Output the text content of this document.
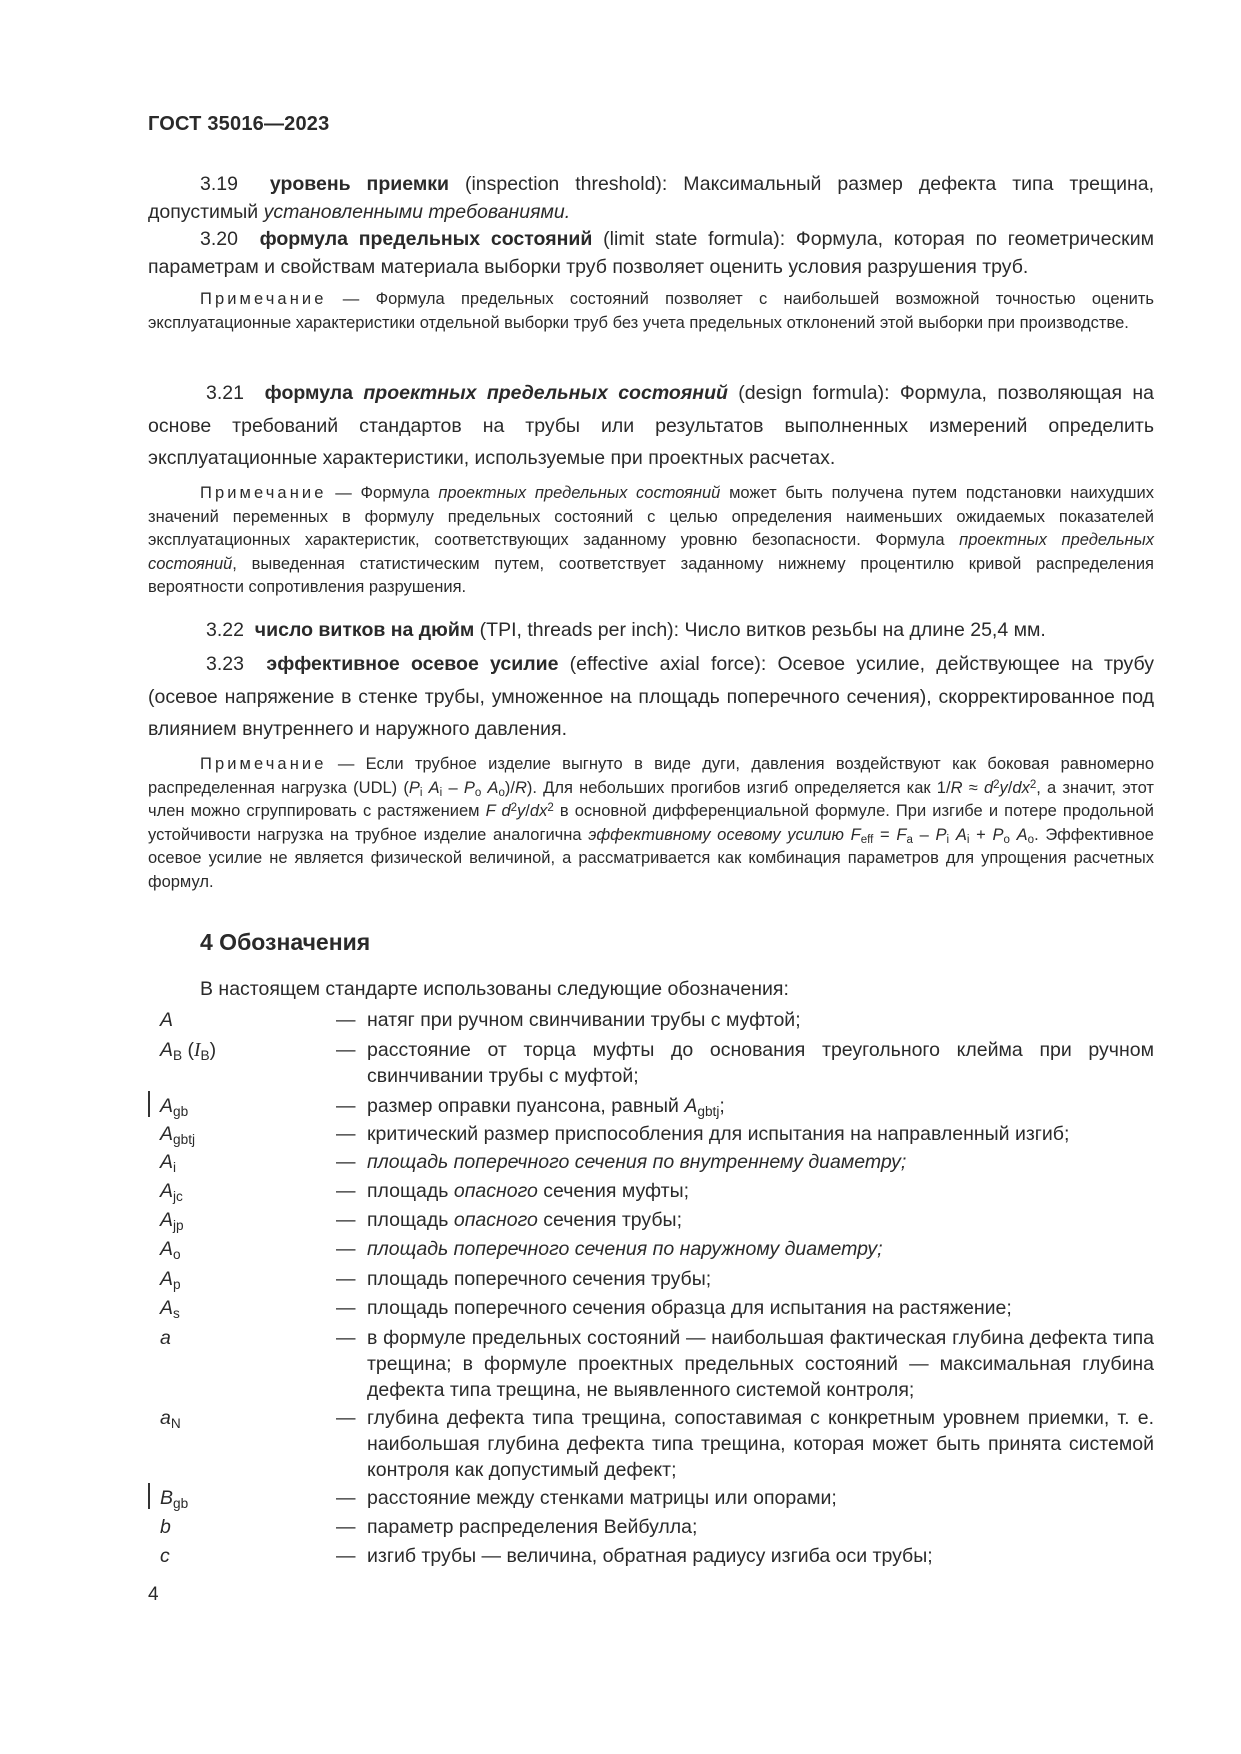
ГОСТ 35016—2023
3.19 уровень приемки (inspection threshold): Максимальный размер дефекта типа трещина, допустимый установленными требованиями.
3.20 формула предельных состояний (limit state formula): Формула, которая по геометрическим параметрам и свойствам материала выборки труб позволяет оценить условия разрушения труб.
Примечание — Формула предельных состояний позволяет с наибольшей возможной точностью оценить эксплуатационные характеристики отдельной выборки труб без учета предельных отклонений этой выборки при производстве.
3.21 формула проектных предельных состояний (design formula): Формула, позволяющая на основе требований стандартов на трубы или результатов выполненных измерений определить эксплуатационные характеристики, используемые при проектных расчетах.
Примечание — Формула проектных предельных состояний может быть получена путем подстановки наихудших значений переменных в формулу предельных состояний с целью определения наименьших ожидаемых показателей эксплуатационных характеристик, соответствующих заданному уровню безопасности. Формула проектных предельных состояний, выведенная статистическим путем, соответствует заданному нижнему процентилю кривой распределения вероятности сопротивления разрушения.
3.22 число витков на дюйм (TPI, threads per inch): Число витков резьбы на длине 25,4 мм.
3.23 эффективное осевое усилие (effective axial force): Осевое усилие, действующее на трубу (осевое напряжение в стенке трубы, умноженное на площадь поперечного сечения), скорректированное под влиянием внутреннего и наружного давления.
Примечание — Если трубное изделие выгнуто в виде дуги, давления воздействуют как боковая равномерно распределенная нагрузка (UDL) ($P_i$ $A_i - P_o$ $A_o)/R$). Для небольших прогибов изгиб определяется как $1/R \approx d^2y/dx^2$, а значит, этот член можно сгруппировать с растяжением F $d^2y/dx^2$ в основной дифференциальной формуле. При изгибе и потере продольной устойчивости нагрузка на трубное изделие аналогична эффективному осевому усилию $F_{eff} = F_a - P_i$ $A_i + P_o$ $A_o$. Эффективное осевое усилие не является физической величиной, а рассматривается как комбинация параметров для упрощения расчетных формул.
4 Обозначения
В настоящем стандарте использованы следующие обозначения:
A	— натяг при ручном свинчивании трубы с муфтой;
$A_B$ $(I_B)$	— расстояние от торца муфты до основания треугольного клейма при ручном свинчивании трубы с муфтой;
$A_{gb}$	— размер оправки пуансона, равный $A_{gbtj}$;
$A_{gbtj}$	— критический размер приспособления для испытания на направленный изгиб;
$A_i$	— площадь поперечного сечения по внутреннему диаметру;
$A_{jc}$	— площадь опасного сечения муфты;
$A_{jp}$	— площадь опасного сечения трубы;
$A_o$	— площадь поперечного сечения по наружному диаметру;
$A_p$	— площадь поперечного сечения трубы;
$A_s$	— площадь поперечного сечения образца для испытания на растяжение;
a	— в формуле предельных состояний — наибольшая фактическая глубина дефекта типа трещина; в формуле проектных предельных состояний — максимальная глубина дефекта типа трещина, не выявленного системой контроля;
$a_N$	— глубина дефекта типа трещина, сопоставимая с конкретным уровнем приемки, т. е. наибольшая глубина дефекта типа трещина, которая может быть принята системой контроля как допустимый дефект;
$B_{gb}$	— расстояние между стенками матрицы или опорами;
b	— параметр распределения Вейбулла;
c	— изгиб трубы — величина, обратная радиусу изгиба оси трубы;
4
